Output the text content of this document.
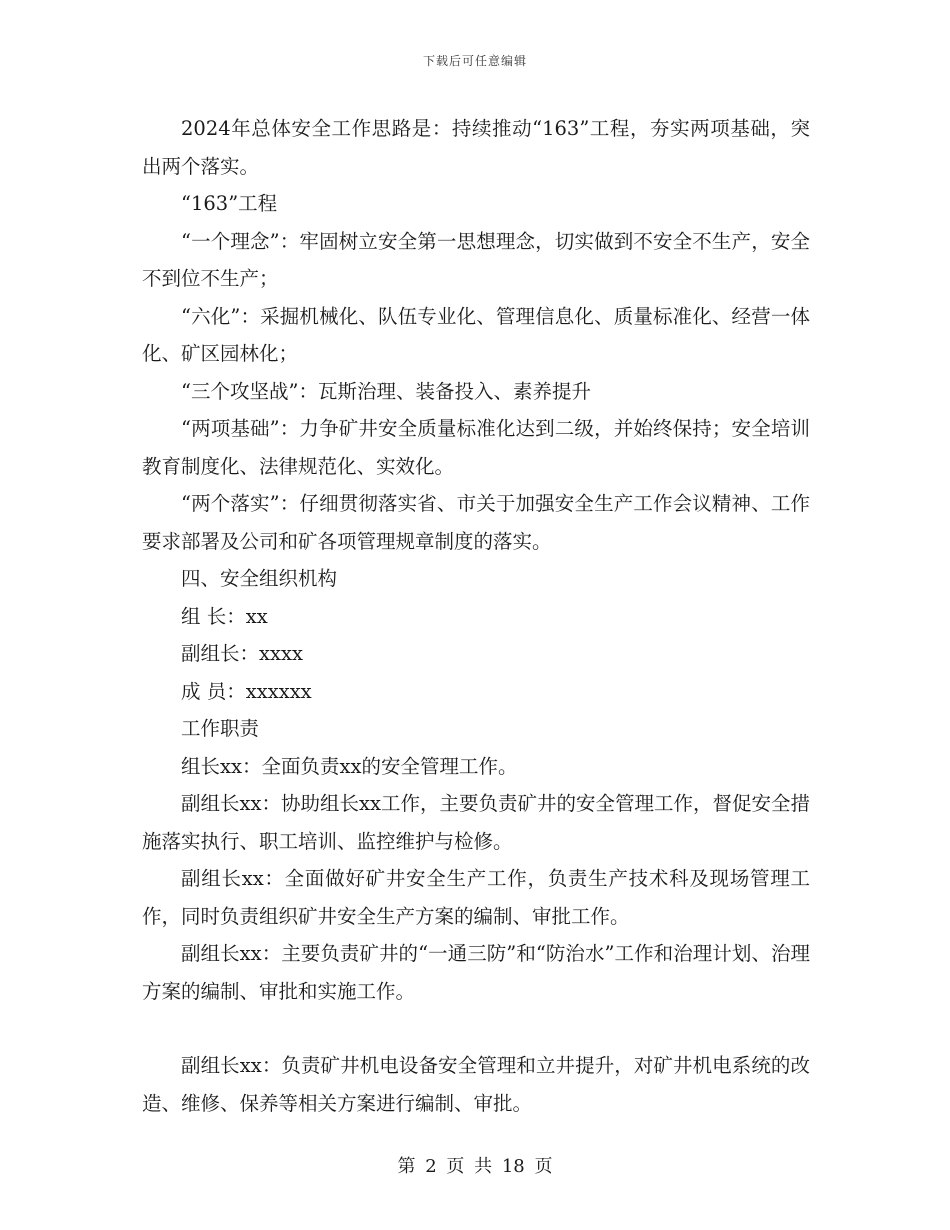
下载后可任意编辑

2024年总体安全工作思路是：持续推动“163”工程，夯实两项基础，突出两个落实。

“163”工程

“一个理念”：牢固树立安全第一思想理念，切实做到不安全不生产，安全不到位不生产；

“六化”：采掘机械化、队伍专业化、管理信息化、质量标准化、经营一体化、矿区园林化；

“三个攻坚战”：瓦斯治理、装备投入、素养提升

“两项基础”：力争矿井安全质量标准化达到二级，并始终保持；安全培训教育制度化、法律规范化、实效化。

“两个落实”：仔细贯彻落实省、市关于加强安全生产工作会议精神、工作要求部署及公司和矿各项管理规章制度的落实。

四、安全组织机构

组 长：xx

副组长：xxxx

成 员：xxxxxx

工作职责

组长xx：全面负责xx的安全管理工作。

副组长xx：协助组长xx工作，主要负责矿井的安全管理工作，督促安全措施落实执行、职工培训、监控维护与检修。

副组长xx：全面做好矿井安全生产工作，负责生产技术科及现场管理工作，同时负责组织矿井安全生产方案的编制、审批工作。

副组长xx：主要负责矿井的“一通三防”和“防治水”工作和治理计划、治理方案的编制、审批和实施工作。

副组长xx：负责矿井机电设备安全管理和立井提升，对矿井机电系统的改造、维修、保养等相关方案进行编制、审批。

第 2 页 共 18 页
